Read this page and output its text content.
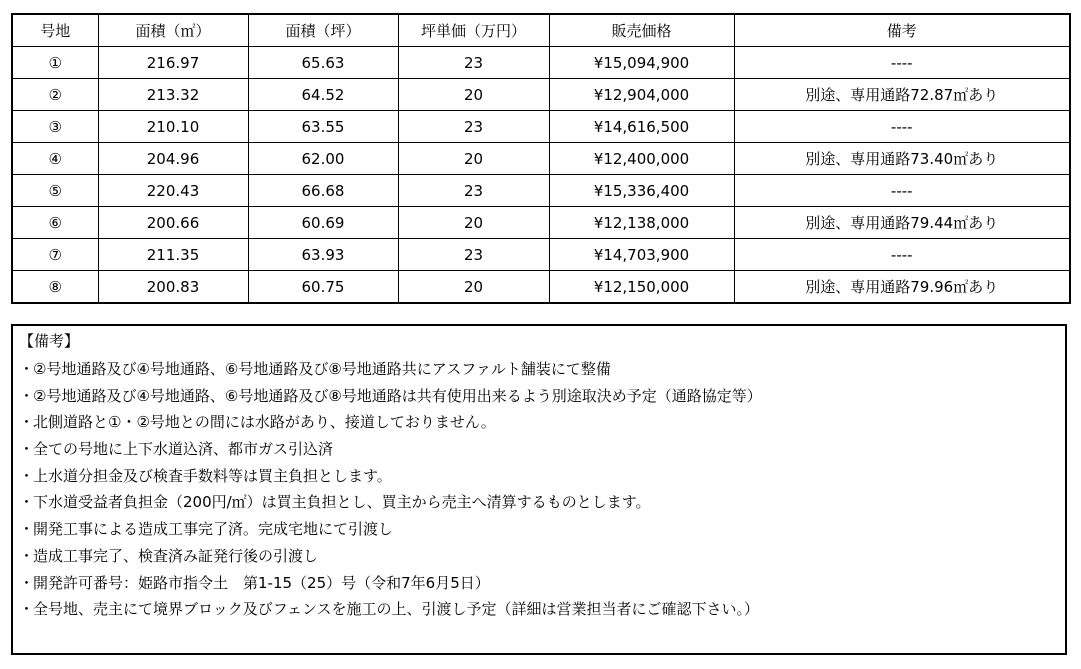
号地	面積（㎡）	面積（坪）	坪単価（万円）	販売価格	備考
①	216.97	65.63	23	¥15,094,900	----
②	213.32	64.52	20	¥12,904,000	別途、専用通路72.87㎡あり
③	210.10	63.55	23	¥14,616,500	----
④	204.96	62.00	20	¥12,400,000	別途、専用通路73.40㎡あり
⑤	220.43	66.68	23	¥15,336,400	----
⑥	200.66	60.69	20	¥12,138,000	別途、専用通路79.44㎡あり
⑦	211.35	63.93	23	¥14,703,900	----
⑧	200.83	60.75	20	¥12,150,000	別途、専用通路79.96㎡あり
【備考】
・②号地通路及び④号地通路、⑥号地通路及び⑧号地通路共にアスファルト舗装にて整備
・②号地通路及び④号地通路、⑥号地通路及び⑧号地通路は共有使用出来るよう別途取決め予定（通路協定等）
・北側道路と①・②号地との間には水路があり、接道しておりません。
・全ての号地に上下水道込済、都市ガス引込済
・上水道分担金及び検査手数料等は買主負担とします。
・下水道受益者負担金（200円/㎡）は買主負担とし、買主から売主へ清算するものとします。
・開発工事による造成工事完了済。完成宅地にて引渡し
・造成工事完了、検査済み証発行後の引渡し
・開発許可番号：姫路市指令土　第1-15（25）号（令和7年6月5日）
・全号地、売主にて境界ブロック及びフェンスを施工の上、引渡し予定（詳細は営業担当者にご確認下さい。）
